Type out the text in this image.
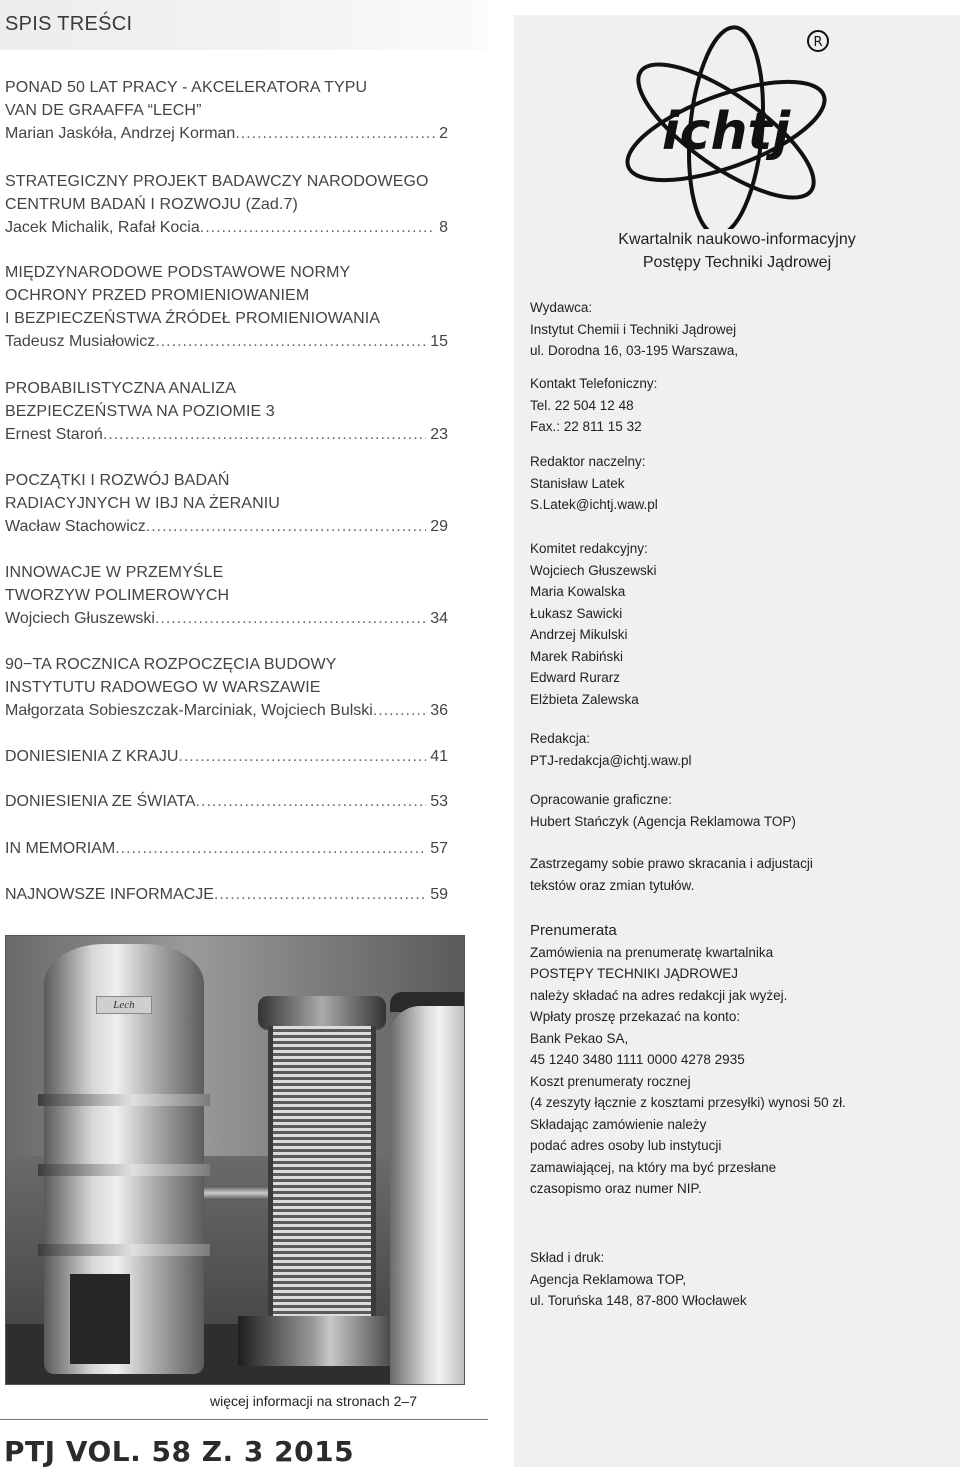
SPIS TREŚCI
PONAD 50 LAT PRACY - AKCELERATORA TYPU
VAN DE GRAAFFA “LECH”
Marian Jaskóła, Andrzej Korman .....	2
STRATEGICZNY PROJEKT BADAWCZY NARODOWEGO
CENTRUM BADAŃ I ROZWOJU (Zad.7)
Jacek Michalik, Rafał Kocia .....	8
MIĘDZYNARODOWE PODSTAWOWE NORMY
OCHRONY PRZED PROMIENIOWANIEM
I BEZPIECZEŃSTWA ŹRÓDEŁ PROMIENIOWANIA
Tadeusz Musiałowicz .....	15
PROBABILISTYCZNA ANALIZA
BEZPIECZEŃSTWA NA POZIOMIE 3
Ernest Staroń .....	23
POCZĄTKI I ROZWÓJ BADAŃ
RADIACYJNYCH W IBJ NA ŻERANIU
Wacław Stachowicz .....	29
INNOWACJE W PRZEMYŚLE
TWORZYW POLIMEROWYCH
Wojciech Głuszewski .....	34
90−TA ROCZNICA ROZPOCZĘCIA BUDOWY
INSTYTUTU RADOWEGO W WARSZAWIE
Małgorzata Sobieszczak-Marciniak, Wojciech Bulski .....	36
DONIESIENIA Z KRAJU .....	41
DONIESIENIA ZE ŚWIATA .....	53
IN MEMORIAM .....	57
NAJNOWSZE INFORMACJE .....	59
Lech
więcej informacji na stronach 2–7
PTJ VOL. 58 Z. 3 2015
ichtj
R
Kwartalnik naukowo-informacyjny
Postępy Techniki Jądrowej
Wydawca:
Instytut Chemii i Techniki Jądrowej
ul. Dorodna 16, 03-195 Warszawa,
Kontakt Telefoniczny:
Tel. 22 504 12 48
Fax.: 22 811 15 32
Redaktor naczelny:
Stanisław Latek
S.Latek@ichtj.waw.pl
Komitet redakcyjny:
Wojciech Głuszewski
Maria Kowalska
Łukasz Sawicki
Andrzej Mikulski
Marek Rabiński
Edward Rurarz
Elżbieta Zalewska
Redakcja:
PTJ-redakcja@ichtj.waw.pl
Opracowanie graficzne:
Hubert Stańczyk (Agencja Reklamowa TOP)
Zastrzegamy sobie prawo skracania i adjustacji
tekstów oraz zmian tytułów.
Prenumerata
Zamówienia na prenumeratę kwartalnika
POSTĘPY TECHNIKI JĄDROWEJ
należy składać na adres redakcji jak wyżej.
Wpłaty proszę przekazać na konto:
Bank Pekao SA,
45 1240 3480 1111 0000 4278 2935
Koszt prenumeraty rocznej
(4 zeszyty łącznie z kosztami przesyłki) wynosi 50 zł.
Składając zamówienie należy
podać adres osoby lub instytucji
zamawiającej, na który ma być przesłane
czasopismo oraz numer NIP.
Skład i druk:
Agencja Reklamowa TOP,
ul. Toruńska 148, 87-800 Włocławek
